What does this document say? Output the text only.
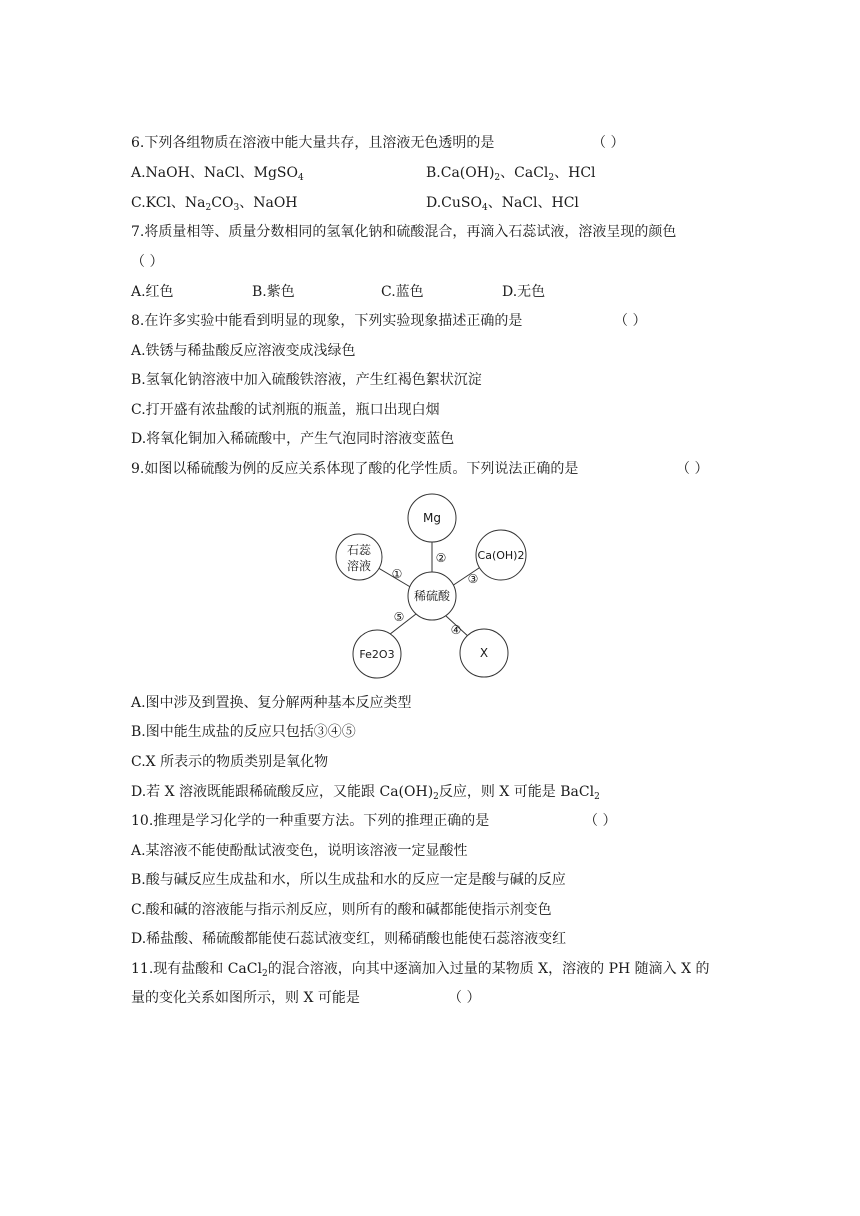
6.下列各组物质在溶液中能大量共存，且溶液无色透明的是	（ ）
A.NaOH、NaCl、MgSO$_4$	$B.Ca(OH)_2$、CaCl$_2$、HCl
C.KCl、$Na_2CO_3$、NaOH	D.CuSO$_4$、NaCl、HCl
7.将质量相等、质量分数相同的氢氧化钠和硫酸混合，再滴入石蕊试液，溶液呈现的颜色
（ ）
A.红色	B.紫色	C.蓝色	D.无色
8.在许多实验中能看到明显的现象，下列实验现象描述正确的是	（ ）
A.铁锈与稀盐酸反应溶液变成浅绿色
B.氢氧化钠溶液中加入硫酸铁溶液，产生红褐色絮状沉淀
C.打开盛有浓盐酸的试剂瓶的瓶盖，瓶口出现白烟
D.将氧化铜加入稀硫酸中，产生气泡同时溶液变蓝色
9.如图以稀硫酸为例的反应关系体现了酸的化学性质。下列说法正确的是	（ ）
Mg
石蕊
溶液
Ca(OH)2
稀硫酸
Fe2O3	X
①
②
③
④
⑤
A.图中涉及到置换、复分解两种基本反应类型
B.图中能生成盐的反应只包括③④⑤
C.X 所表示的物质类别是氧化物
D.若 X 溶液既能跟稀硫酸反应，又能跟 $Ca(OH)_2$反应，则 X 可能是 BaCl$_2$
10.推理是学习化学的一种重要方法。下列的推理正确的是	（ ）
A.某溶液不能使酚酞试液变色，说明该溶液一定显酸性
B.酸与碱反应生成盐和水，所以生成盐和水的反应一定是酸与碱的反应
C.酸和碱的溶液能与指示剂反应，则所有的酸和碱都能使指示剂变色
D.稀盐酸、稀硫酸都能使石蕊试液变红，则稀硝酸也能使石蕊溶液变红
11.现有盐酸和 CaCl$_2$的混合溶液，向其中逐滴加入过量的某物质 X，溶液的 PH 随滴入 X 的
量的变化关系如图所示，则 X 可能是	（ ）
